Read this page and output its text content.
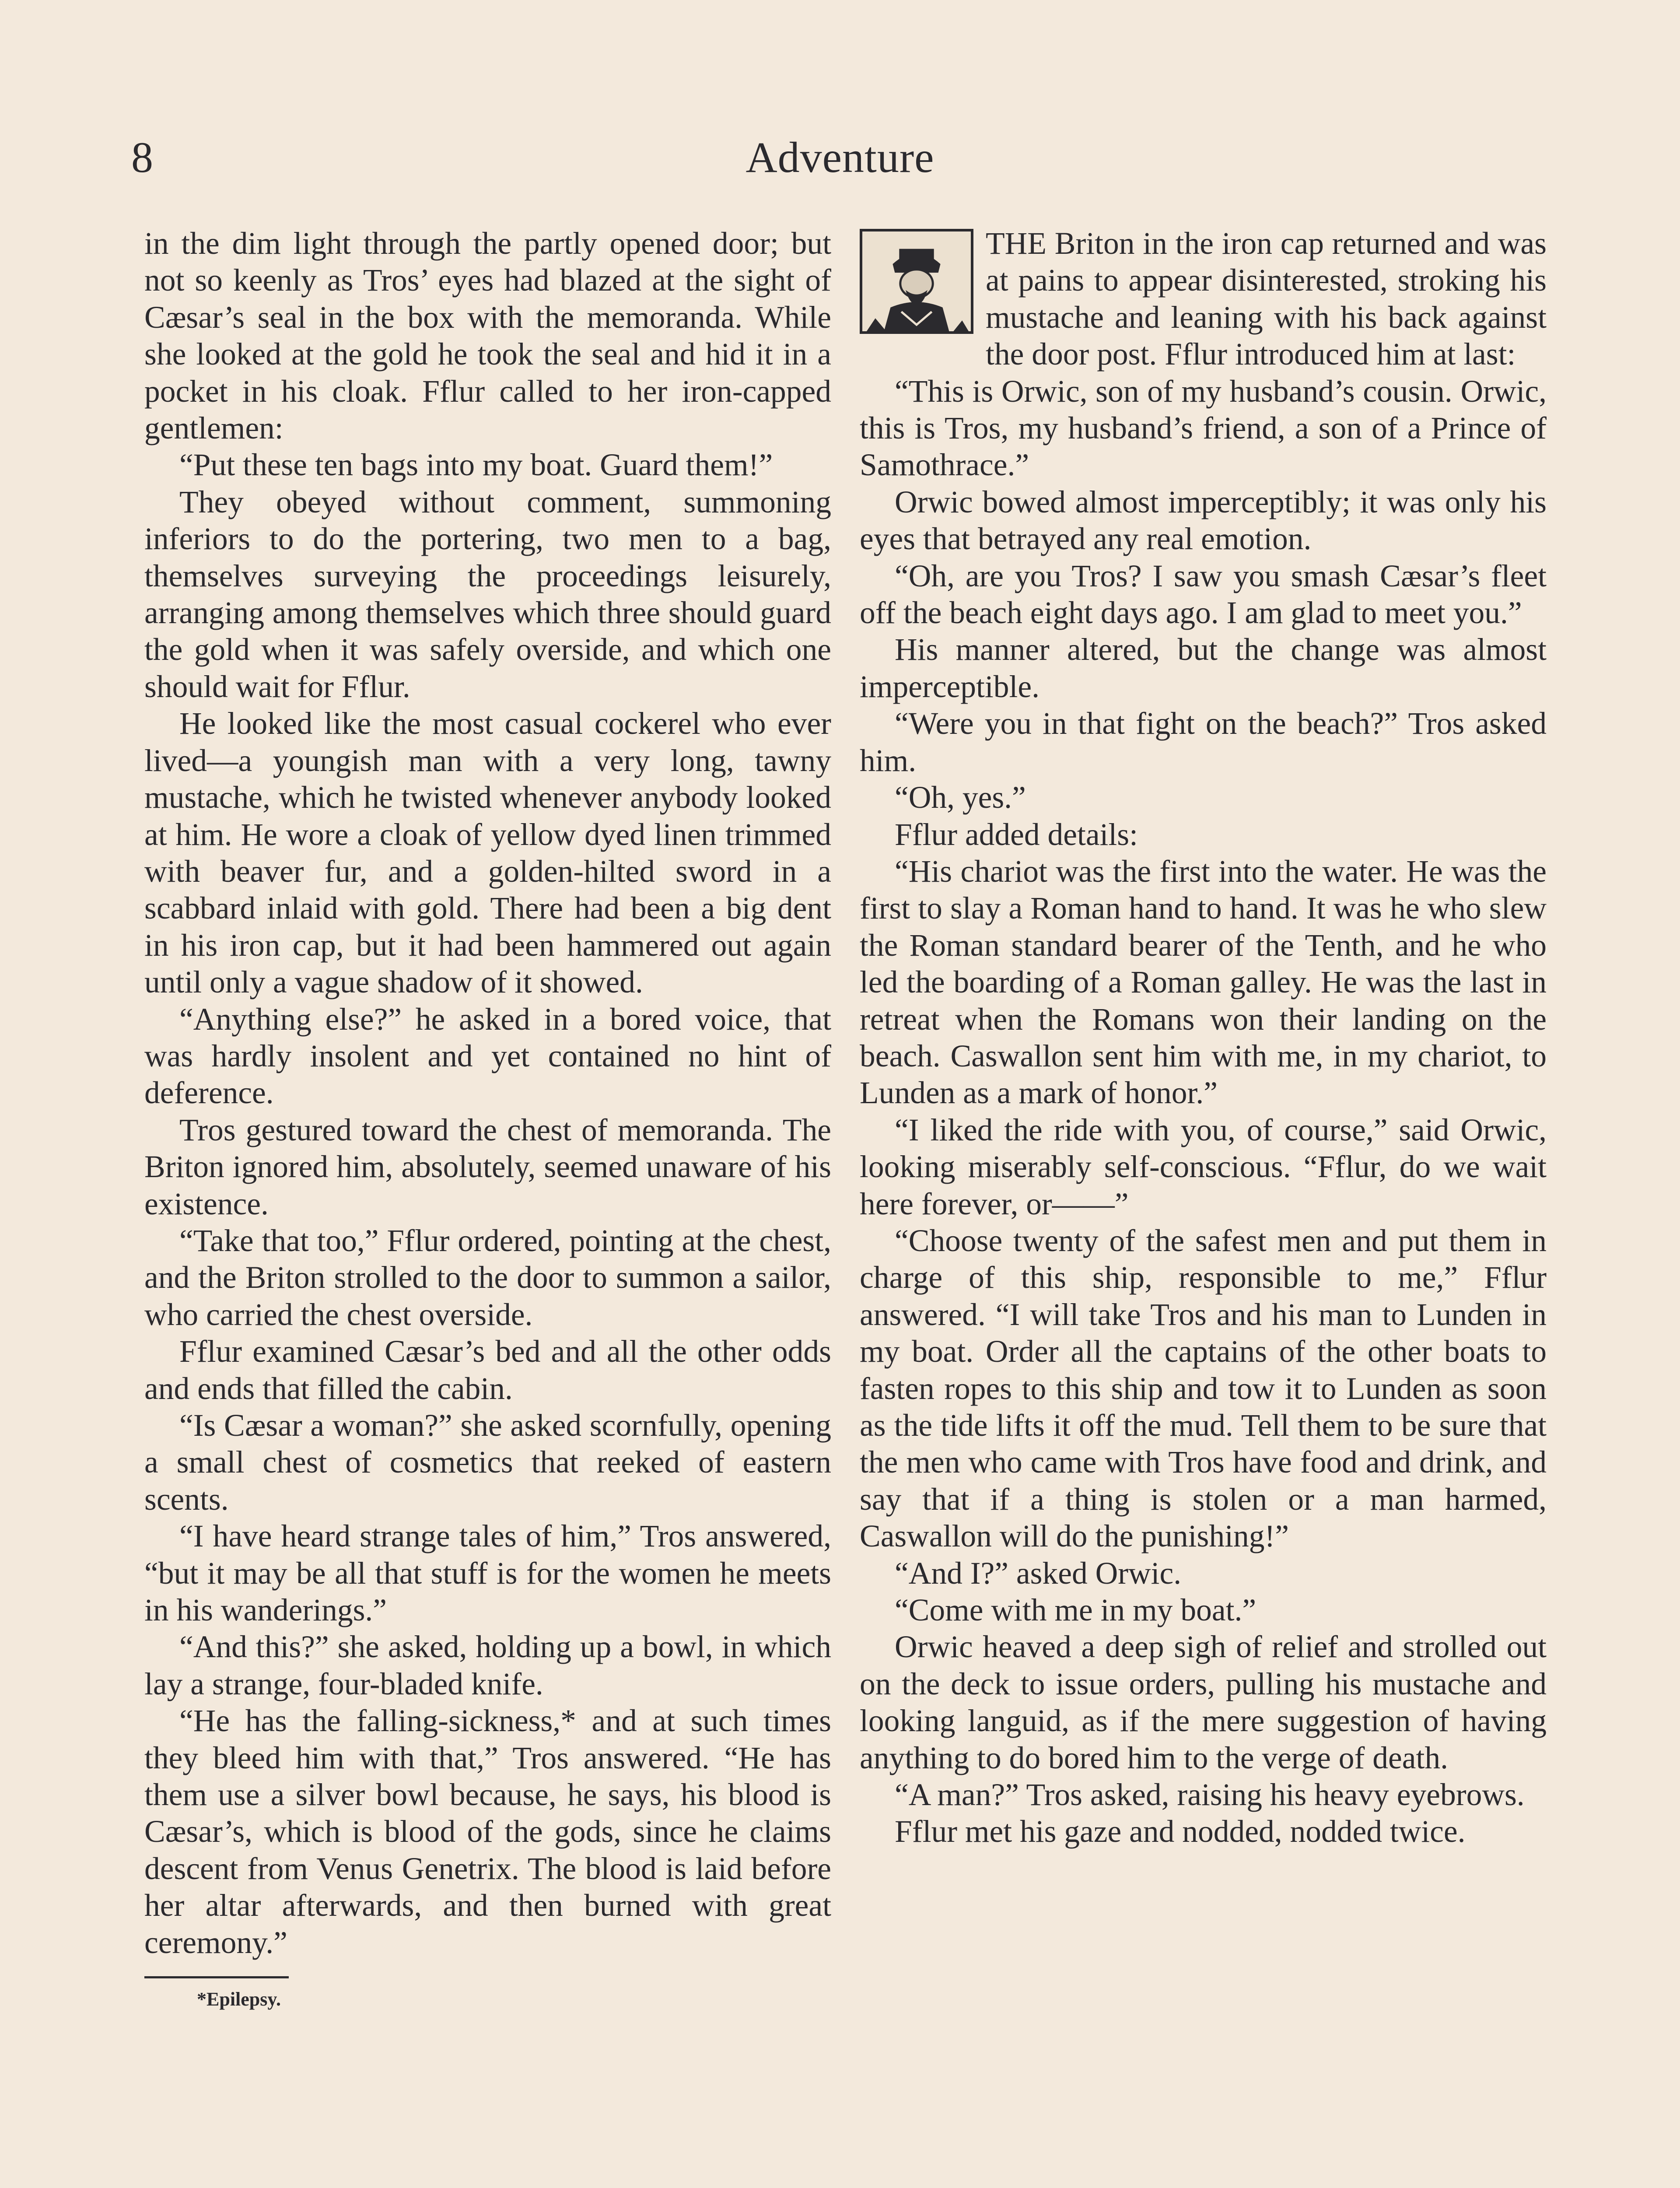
8	Adventure

in the dim light through the partly opened door; but not so keenly as Tros’ eyes had blazed at the sight of Cæsar’s seal in the box with the memoranda. While she looked at the gold he took the seal and hid it in a pocket in his cloak. Fflur called to her iron-capped gentlemen:

“Put these ten bags into my boat. Guard them!”

They obeyed without comment, summoning inferiors to do the portering, two men to a bag, themselves surveying the proceedings leisurely, arranging among themselves which three should guard the gold when it was safely overside, and which one should wait for Fflur.

He looked like the most casual cockerel who ever lived—a youngish man with a very long, tawny mustache, which he twisted whenever anybody looked at him. He wore a cloak of yellow dyed linen trimmed with beaver fur, and a golden-hilted sword in a scabbard inlaid with gold. There had been a big dent in his iron cap, but it had been hammered out again until only a vague shadow of it showed.

“Anything else?” he asked in a bored voice, that was hardly insolent and yet contained no hint of deference.

Tros gestured toward the chest of memoranda. The Briton ignored him, absolutely, seemed unaware of his existence.

“Take that too,” Fflur ordered, pointing at the chest, and the Briton strolled to the door to summon a sailor, who carried the chest overside.

Fflur examined Cæsar’s bed and all the other odds and ends that filled the cabin.

“Is Cæsar a woman?” she asked scornfully, opening a small chest of cosmetics that reeked of eastern scents.

“I have heard strange tales of him,” Tros answered, “but it may be all that stuff is for the women he meets in his wanderings.”

“And this?” she asked, holding up a bowl, in which lay a strange, four-bladed knife.

“He has the falling-sickness,* and at such times they bleed him with that,” Tros answered. “He has them use a silver bowl because, he says, his blood is Cæsar’s, which is blood of the gods, since he claims descent from Venus Genetrix. The blood is laid before her altar afterwards, and then burned with great ceremony.”

*Epilepsy.

THE Briton in the iron cap returned and was at pains to appear disinterested, stroking his mustache and leaning with his back against the door post. Fflur introduced him at last:

“This is Orwic, son of my husband’s cousin. Orwic, this is Tros, my husband’s friend, a son of a Prince of Samothrace.”

Orwic bowed almost imperceptibly; it was only his eyes that betrayed any real emotion.

“Oh, are you Tros? I saw you smash Cæsar’s fleet off the beach eight days ago. I am glad to meet you.”

His manner altered, but the change was almost imperceptible.

“Were you in that fight on the beach?” Tros asked him.

“Oh, yes.”

Fflur added details:

“His chariot was the first into the water. He was the first to slay a Roman hand to hand. It was he who slew the Roman standard bearer of the Tenth, and he who led the boarding of a Roman galley. He was the last in retreat when the Romans won their landing on the beach. Caswallon sent him with me, in my chariot, to Lunden as a mark of honor.”

“I liked the ride with you, of course,” said Orwic, looking miserably self-conscious. “Fflur, do we wait here forever, or——”

“Choose twenty of the safest men and put them in charge of this ship, responsible to me,” Fflur answered. “I will take Tros and his man to Lunden in my boat. Order all the captains of the other boats to fasten ropes to this ship and tow it to Lunden as soon as the tide lifts it off the mud. Tell them to be sure that the men who came with Tros have food and drink, and say that if a thing is stolen or a man harmed, Caswallon will do the punishing!”

“And I?” asked Orwic.

“Come with me in my boat.”

Orwic heaved a deep sigh of relief and strolled out on the deck to issue orders, pulling his mustache and looking languid, as if the mere suggestion of having anything to do bored him to the verge of death.

“A man?” Tros asked, raising his heavy eyebrows.

Fflur met his gaze and nodded, nodded twice.
